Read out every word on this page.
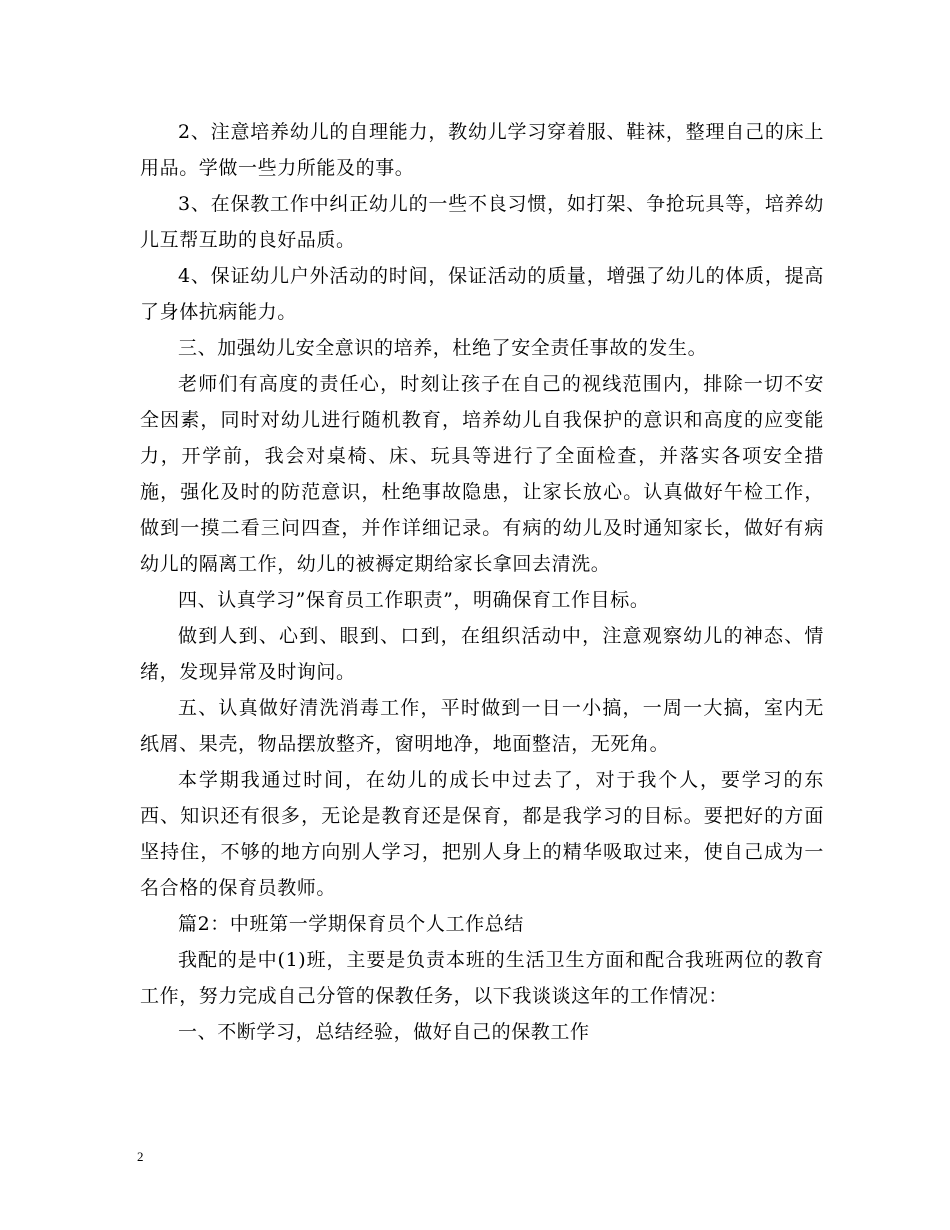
2、注意培养幼儿的自理能力，教幼儿学习穿着服、鞋袜，整理自己的床上用品。学做一些力所能及的事。

3、在保教工作中纠正幼儿的一些不良习惯，如打架、争抢玩具等，培养幼儿互帮互助的良好品质。

4、保证幼儿户外活动的时间，保证活动的质量，增强了幼儿的体质，提高了身体抗病能力。

三、加强幼儿安全意识的培养，杜绝了安全责任事故的发生。

老师们有高度的责任心，时刻让孩子在自己的视线范围内，排除一切不安全因素，同时对幼儿进行随机教育，培养幼儿自我保护的意识和高度的应变能力，开学前，我会对桌椅、床、玩具等进行了全面检查，并落实各项安全措施，强化及时的防范意识，杜绝事故隐患，让家长放心。认真做好午检工作，做到一摸二看三问四查，并作详细记录。有病的幼儿及时通知家长，做好有病幼儿的隔离工作，幼儿的被褥定期给家长拿回去清洗。

四、认真学习”保育员工作职责”，明确保育工作目标。

做到人到、心到、眼到、口到，在组织活动中，注意观察幼儿的神态、情绪，发现异常及时询问。

五、认真做好清洗消毒工作，平时做到一日一小搞，一周一大搞，室内无纸屑、果壳，物品摆放整齐，窗明地净，地面整洁，无死角。

本学期我通过时间，在幼儿的成长中过去了，对于我个人，要学习的东西、知识还有很多，无论是教育还是保育，都是我学习的目标。要把好的方面坚持住，不够的地方向别人学习，把别人身上的精华吸取过来，使自己成为一名合格的保育员教师。

篇2：中班第一学期保育员个人工作总结

我配的是中(1)班，主要是负责本班的生活卫生方面和配合我班两位的教育工作，努力完成自己分管的保教任务，以下我谈谈这年的工作情况：

一、不断学习，总结经验，做好自己的保教工作

2
